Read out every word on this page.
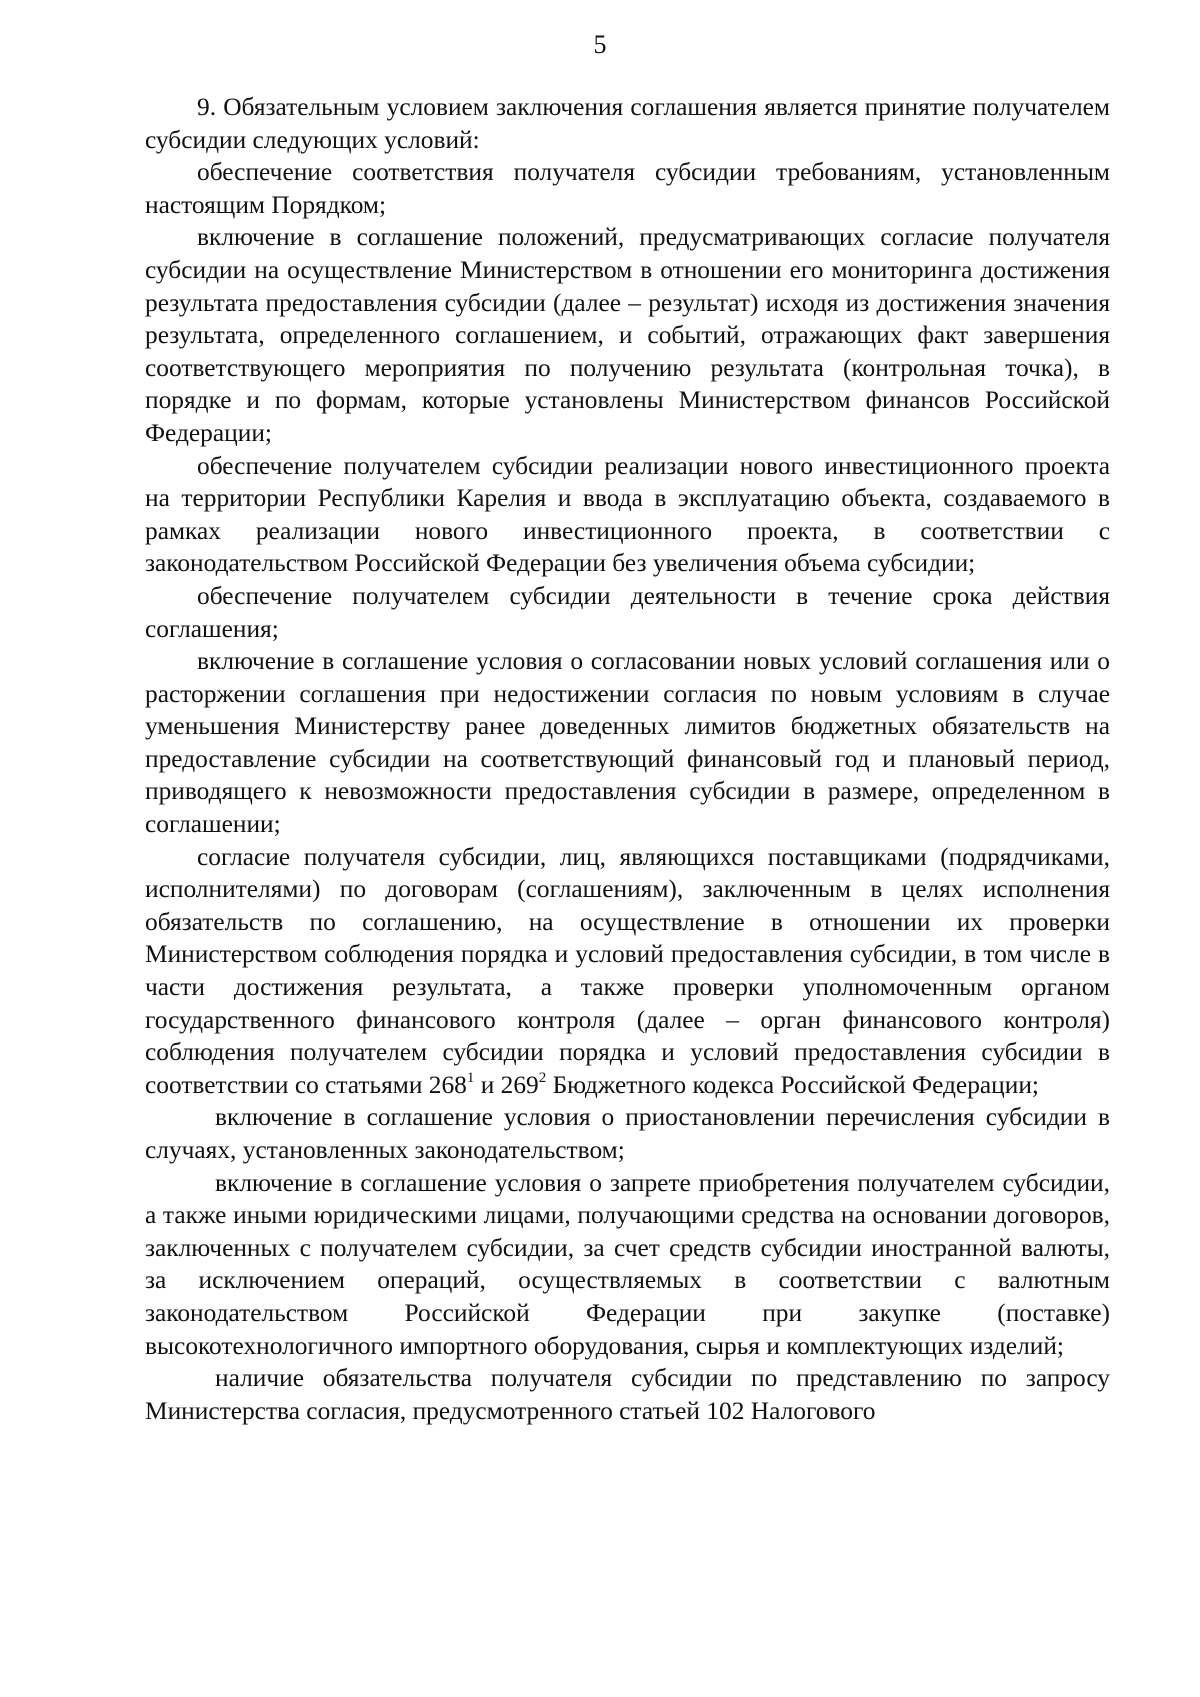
5

9. Обязательным условием заключения соглашения является принятие получателем субсидии следующих условий:

обеспечение соответствия получателя субсидии требованиям, установленным настоящим Порядком;

включение в соглашение положений, предусматривающих согласие получателя субсидии на осуществление Министерством в отношении его мониторинга достижения результата предоставления субсидии (далее – результат) исходя из достижения значения результата, определенного соглашением, и событий, отражающих факт завершения соответствующего мероприятия по получению результата (контрольная точка), в порядке и по формам, которые установлены Министерством финансов Российской Федерации;

обеспечение получателем субсидии реализации нового инвестиционного проекта на территории Республики Карелия и ввода в эксплуатацию объекта, создаваемого в рамках реализации нового инвестиционного проекта, в соответствии с законодательством Российской Федерации без увеличения объема субсидии;

обеспечение получателем субсидии деятельности в течение срока действия соглашения;

включение в соглашение условия о согласовании новых условий соглашения или о расторжении соглашения при недостижении согласия по новым условиям в случае уменьшения Министерству ранее доведенных лимитов бюджетных обязательств на предоставление субсидии на соответствующий финансовый год и плановый период, приводящего к невозможности предоставления субсидии в размере, определенном в соглашении;

согласие получателя субсидии, лиц, являющихся поставщиками (подрядчиками, исполнителями) по договорам (соглашениям), заключенным в целях исполнения обязательств по соглашению, на осуществление в отношении их проверки Министерством соблюдения порядка и условий предоставления субсидии, в том числе в части достижения результата, а также проверки уполномоченным органом государственного финансового контроля (далее – орган финансового контроля) соблюдения получателем субсидии порядка и условий предоставления субсидии в соответствии со статьями $268^1$ и $269^2$ Бюджетного кодекса Российской Федерации;

включение в соглашение условия о приостановлении перечисления субсидии в случаях, установленных законодательством;

включение в соглашение условия о запрете приобретения получателем субсидии, а также иными юридическими лицами, получающими средства на основании договоров, заключенных с получателем субсидии, за счет средств субсидии иностранной валюты, за исключением операций, осуществляемых в соответствии с валютным законодательством Российской Федерации при закупке (поставке) высокотехнологичного импортного оборудования, сырья и комплектующих изделий;

наличие обязательства получателя субсидии по представлению по запросу Министерства согласия, предусмотренного статьей 102 Налогового
